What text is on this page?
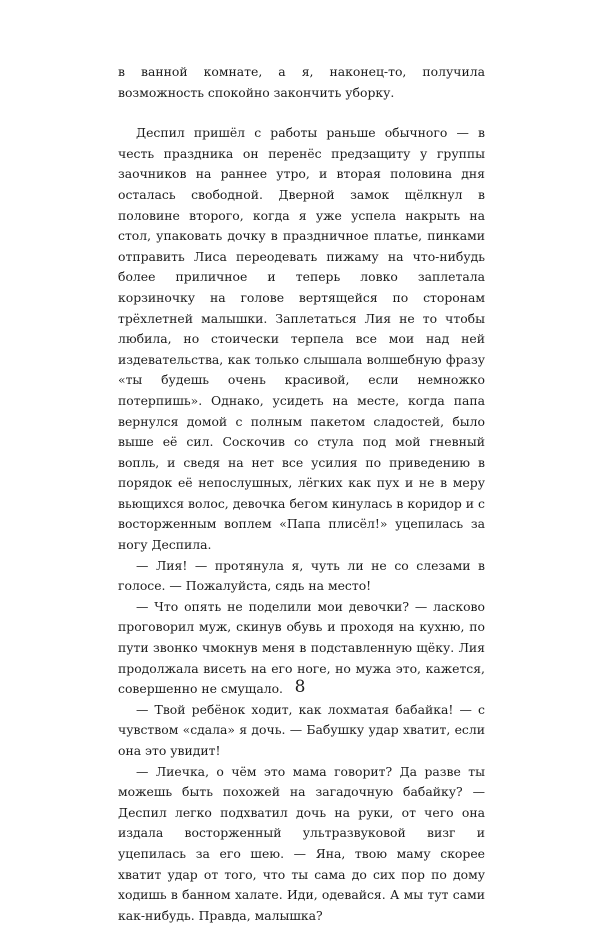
в ванной комнате, а я, наконец-то, получила возможность спокойно закончить уборку.

Деспил пришёл с работы раньше обычного — в честь праздника он перенёс предзащиту у группы заочников на раннее утро, и вторая половина дня осталась свободной. Дверной замок щёлкнул в половине второго, когда я уже успела накрыть на стол, упаковать дочку в праздничное платье, пинками отправить Лиса переодевать пижаму на что-нибудь более приличное и теперь ловко заплетала корзиночку на голове вертящейся по сторонам трёхлетней малышки. Заплетаться Лия не то чтобы любила, но стоически терпела все мои над ней издевательства, как только слышала волшебную фразу «ты будешь очень красивой, если немножко потерпишь». Однако, усидеть на месте, когда папа вернулся домой с полным пакетом сладостей, было выше её сил. Соскочив со стула под мой гневный вопль, и сведя на нет все усилия по приведению в порядок её непослушных, лёгких как пух и не в меру вьющихся волос, девочка бегом кинулась в коридор и с восторженным воплем «Папа плисёл!» уцепилась за ногу Деспила.

— Лия! — протянула я, чуть ли не со слезами в голосе. — Пожалуйста, сядь на место!

— Что опять не поделили мои девочки? — ласково проговорил муж, скинув обувь и проходя на кухню, по пути звонко чмокнув меня в подставленную щёку. Лия продолжала висеть на его ноге, но мужа это, кажется, совершенно не смущало.

— Твой ребёнок ходит, как лохматая бабайка! — с чувством «сдала» я дочь. — Бабушку удар хватит, если она это увидит!

— Лиечка, о чём это мама говорит? Да разве ты можешь быть похожей на загадочную бабайку? — Деспил легко подхватил дочь на руки, от чего она издала восторженный ультразвуковой визг и уцепилась за его шею. — Яна, твою маму скорее хватит удар от того, что ты сама до сих пор по дому ходишь в банном халате. Иди, одевайся. А мы тут сами как-нибудь. Правда, малышка?

8
